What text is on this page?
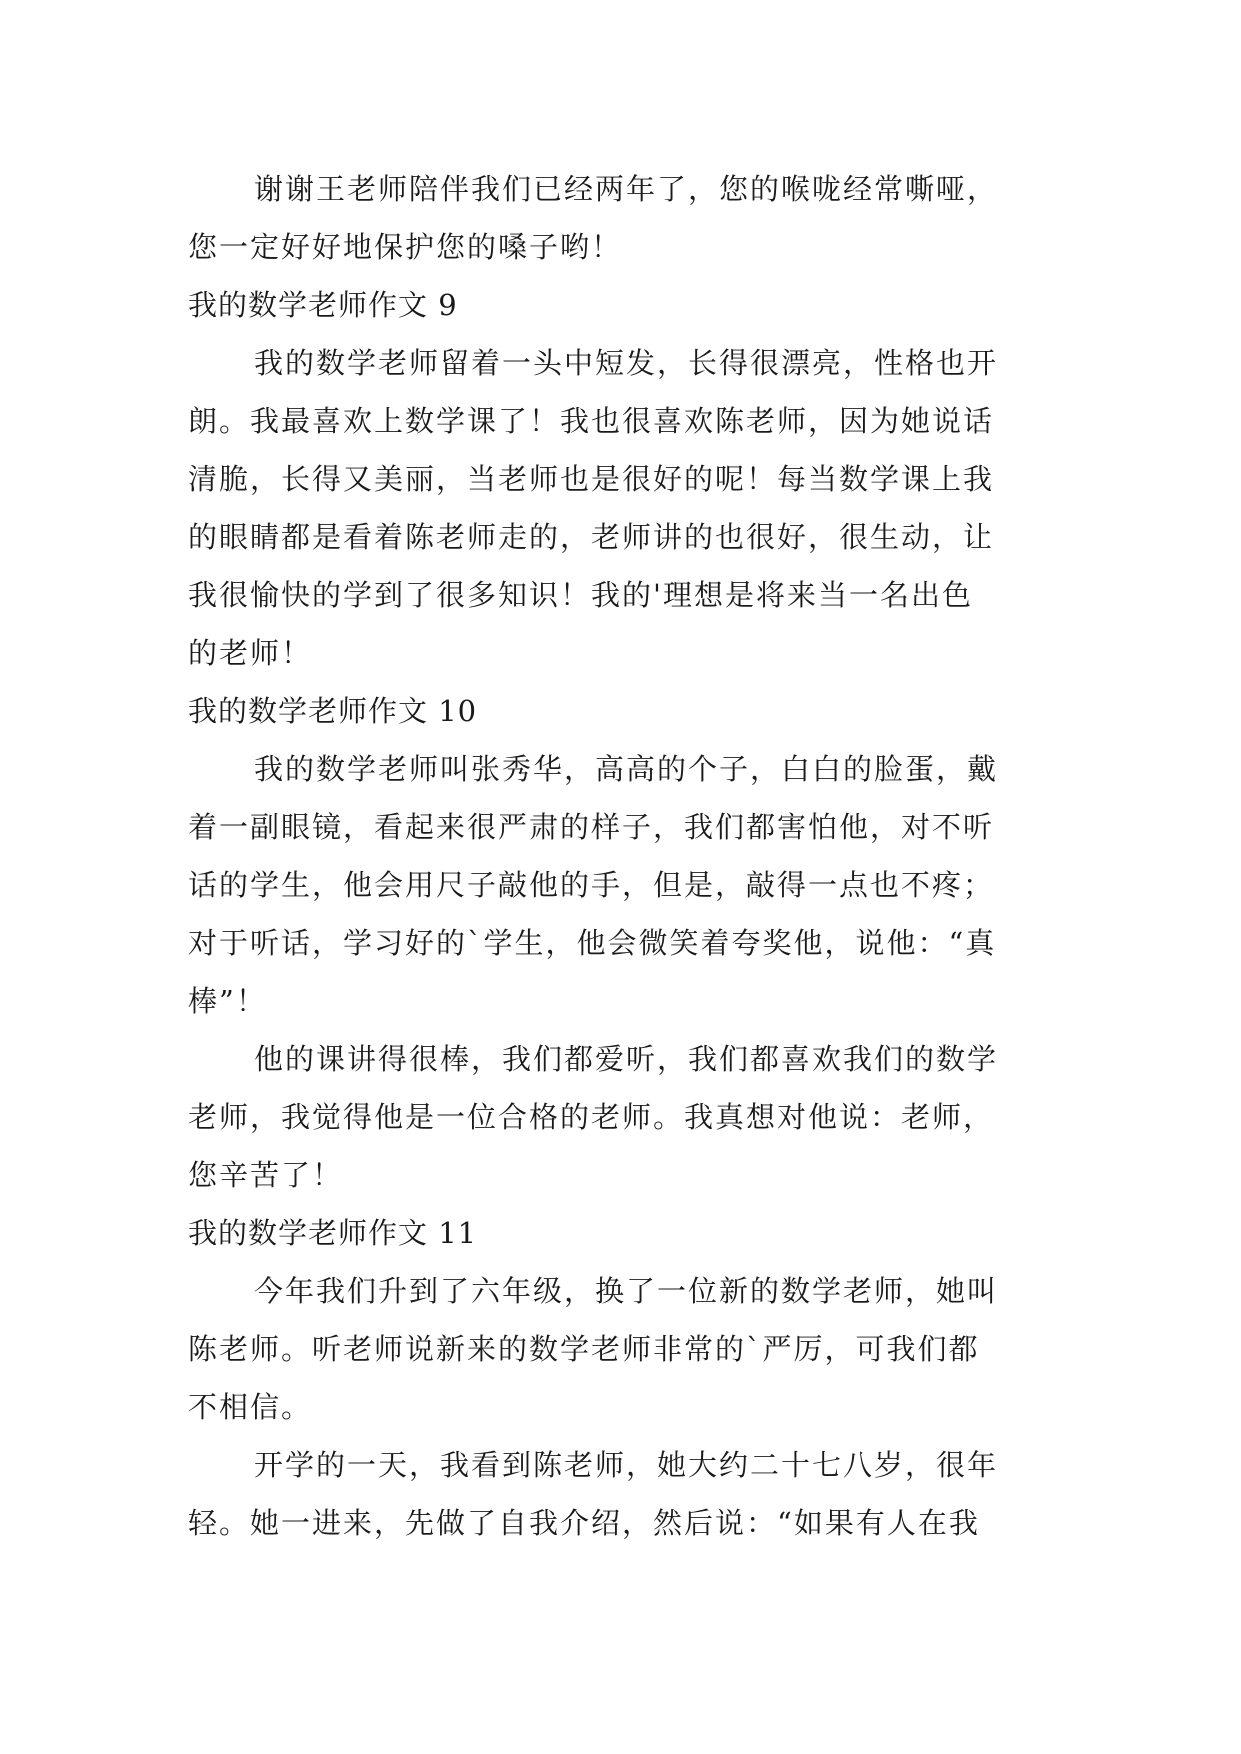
谢谢王老师陪伴我们已经两年了，您的喉咙经常嘶哑，
您一定好好地保护您的嗓子哟！
我的数学老师作文 9
我的数学老师留着一头中短发，长得很漂亮，性格也开
朗。我最喜欢上数学课了！我也很喜欢陈老师，因为她说话
清脆，长得又美丽，当老师也是很好的呢！每当数学课上我
的眼睛都是看着陈老师走的，老师讲的也很好，很生动，让
我很愉快的学到了很多知识！我的'理想是将来当一名出色
的老师！
我的数学老师作文 10
我的数学老师叫张秀华，高高的个子，白白的脸蛋，戴
着一副眼镜，看起来很严肃的样子，我们都害怕他，对不听
话的学生，他会用尺子敲他的手，但是，敲得一点也不疼；
对于听话，学习好的`学生，他会微笑着夸奖他，说他：“真
棒”！
他的课讲得很棒，我们都爱听，我们都喜欢我们的数学
老师，我觉得他是一位合格的老师。我真想对他说：老师，
您辛苦了！
我的数学老师作文 11
今年我们升到了六年级，换了一位新的数学老师，她叫
陈老师。听老师说新来的数学老师非常的`严厉，可我们都
不相信。
开学的一天，我看到陈老师，她大约二十七八岁，很年
轻。她一进来，先做了自我介绍，然后说：“如果有人在我
